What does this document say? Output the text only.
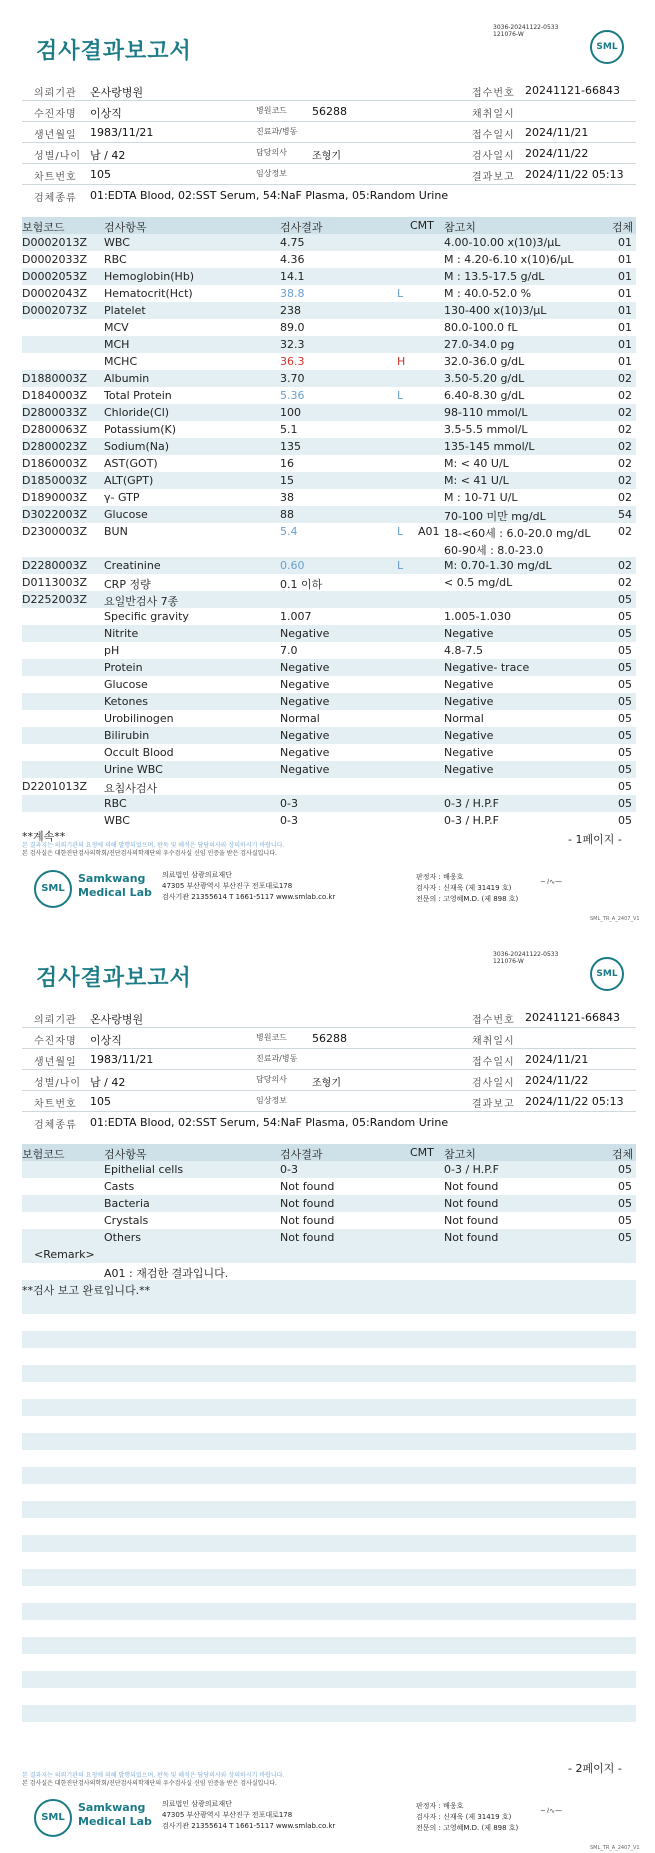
3036-20241122-0533
121076-W
검사결과보고서	SML
의뢰기관 온사랑병원	접수번호 20241121-66843
수진자명 이상직	병원코드 56288	채취일시
생년월일 1983/11/21	진료과/병동	접수일시 2024/11/21
성별/나이 남 / 42	담당의사	조형기	검사일시 2024/11/22
차트번호 105	임상정보	결과보고 2024/11/22 05:13
검체종류 01:EDTA Blood, 02:SST Serum, 54:NaF Plasma, 05:Random Urine
보험코드	검사항목	검사결과	CMT 참고치	검체
D0002013Z WBC	4.75	4.00-10.00 x(10)3/μL	01
D0002033Z RBC	4.36	M : 4.20-6.10 x(10)6/μL	01
D0002053Z Hemoglobin(Hb)	14.1	M : 13.5-17.5 g/dL	01
D0002043Z Hematocrit(Hct)	38.8	L	M : 40.0-52.0 %	01
D0002073Z Platelet	238	130-400 x(10)3/μL	01
MCV	89.0	80.0-100.0 fL	01
MCH	32.3	27.0-34.0 pg	01
MCHC	36.3	H	32.0-36.0 g/dL	01
D1880003Z Albumin	3.70	3.50-5.20 g/dL	02
D1840003Z Total Protein	5.36	L	6.40-8.30 g/dL	02
D2800033Z Chloride(Cl)	100	98-110 mmol/L	02
D2800063Z Potassium(K)	5.1	3.5-5.5 mmol/L	02
D2800023Z Sodium(Na)	135	135-145 mmol/L	02
D1860003Z AST(GOT)	16	M: < 40 U/L	02
D1850003Z ALT(GPT)	15	M: < 41 U/L	02
D1890003Z γ- GTP	38	M : 10-71 U/L	02
D3022003Z Glucose	88	70-100 미만 mg/dL	54
D2300003Z BUN	5.4	L A01 18-<60세 : 6.0-20.0 mg/dL	02
60-90세 : 8.0-23.0
D2280003Z Creatinine	0.60	L	M: 0.70-1.30 mg/dL	02
D0113003Z CRP 정량	0.1 이하	< 0.5 mg/dL	02
D2252003Z 요일반검사 7종	05
Specific gravity	1.007	1.005-1.030	05
Nitrite	Negative	Negative	05
pH	7.0	4.8-7.5	05
Protein	Negative	Negative- trace	05
Glucose	Negative	Negative	05
Ketones	Negative	Negative	05
Urobilinogen	Normal	Normal	05
Bilirubin	Negative	Negative	05
Occult Blood	Negative	Negative	05
Urine WBC	Negative	Negative	05
D2201013Z 요침사검사	05
RBC	0-3	0-3 / H.P.F	05
WBC	0-3	0-3 / H.P.F	05
**계속**	- 1페이지 -
본 결과지는 의뢰기관의 요청에 의해 발행되었으며, 판독 및 해석은 담당의사와 상의하시기 바랍니다.
본 검사실은 대한진단검사의학회/진단검사의학재단의 우수검사실 신임 인증을 받은 검사실입니다.
SML
Samkwang
Medical Lab
의료법인 삼광의료재단
47305 부산광역시 부산진구 전포대로178
검사기관 21355614 T 1661-5117 www.smlab.co.kr
판정자 : 배웅호
검사자 : 신재욱 (제 31419 호)
전문의 : 고영혜M.D. (제 898 호)
~⌇∿⁓
SML_TR_A_2407_V1
3036-20241122-0533
121076-W
검사결과보고서	SML
의뢰기관 온사랑병원	접수번호 20241121-66843
수진자명 이상직	병원코드 56288	채취일시
생년월일 1983/11/21	진료과/병동	접수일시 2024/11/21
성별/나이 남 / 42	담당의사	조형기	검사일시 2024/11/22
차트번호 105	임상정보	결과보고 2024/11/22 05:13
검체종류 01:EDTA Blood, 02:SST Serum, 54:NaF Plasma, 05:Random Urine
보험코드	검사항목	검사결과	CMT 참고치	검체
Epithelial cells	0-3	0-3 / H.P.F	05
Casts	Not found	Not found	05
Bacteria	Not found	Not found	05
Crystals	Not found	Not found	05
Others	Not found	Not found	05
<Remark>
A01 : 재검한 결과입니다.
**검사 보고 완료입니다.**
- 2페이지 -
본 결과지는 의뢰기관의 요청에 의해 발행되었으며, 판독 및 해석은 담당의사와 상의하시기 바랍니다.
본 검사실은 대한진단검사의학회/진단검사의학재단의 우수검사실 신임 인증을 받은 검사실입니다.
SML
Samkwang
Medical Lab
의료법인 삼광의료재단
47305 부산광역시 부산진구 전포대로178
검사기관 21355614 T 1661-5117 www.smlab.co.kr
판정자 : 배웅호
검사자 : 신재욱 (제 31419 호)
전문의 : 고영혜M.D. (제 898 호)
~⌇∿⁓
SML_TR_A_2407_V1
